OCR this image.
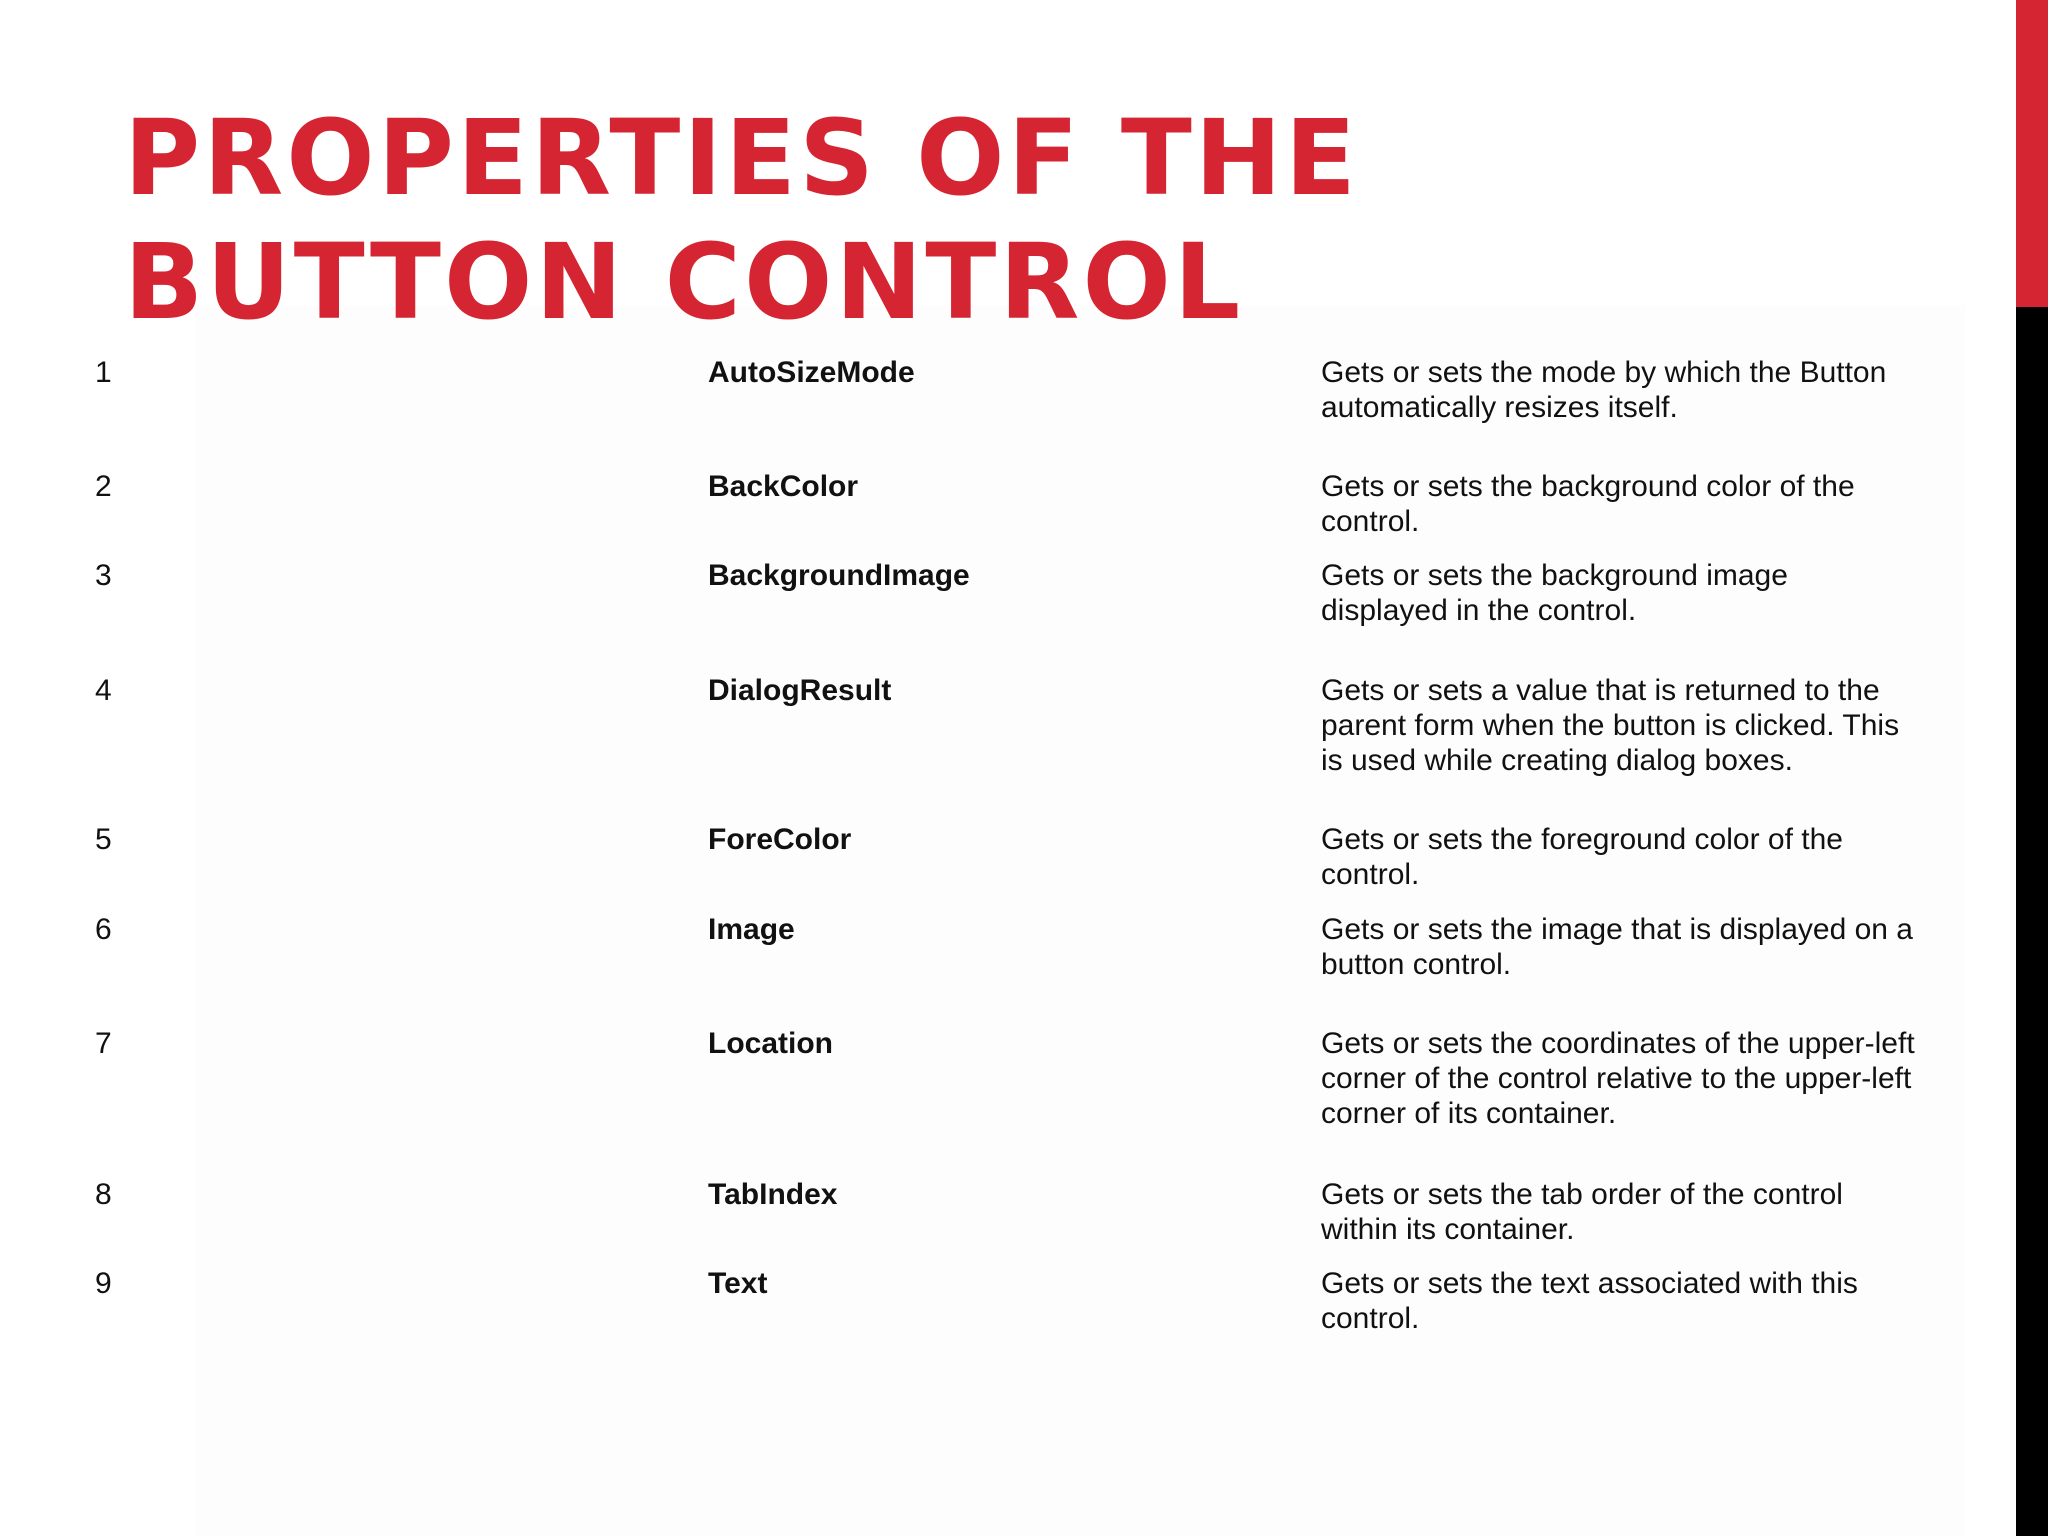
PROPERTIES OF THE
BUTTON CONTROL
1	AutoSizeMode	Gets or sets the mode by which the Button automatically resizes itself.
2	BackColor	Gets or sets the background color of the control.
3	BackgroundImage	Gets or sets the background image displayed in the control.
4	DialogResult	Gets or sets a value that is returned to the parent form when the button is clicked. This is used while creating dialog boxes.
5	ForeColor	Gets or sets the foreground color of the control.
6	Image	Gets or sets the image that is displayed on a button control.
7	Location	Gets or sets the coordinates of the upper-left corner of the control relative to the upper-left corner of its container.
8	TabIndex	Gets or sets the tab order of the control within its container.
9	Text	Gets or sets the text associated with this control.
